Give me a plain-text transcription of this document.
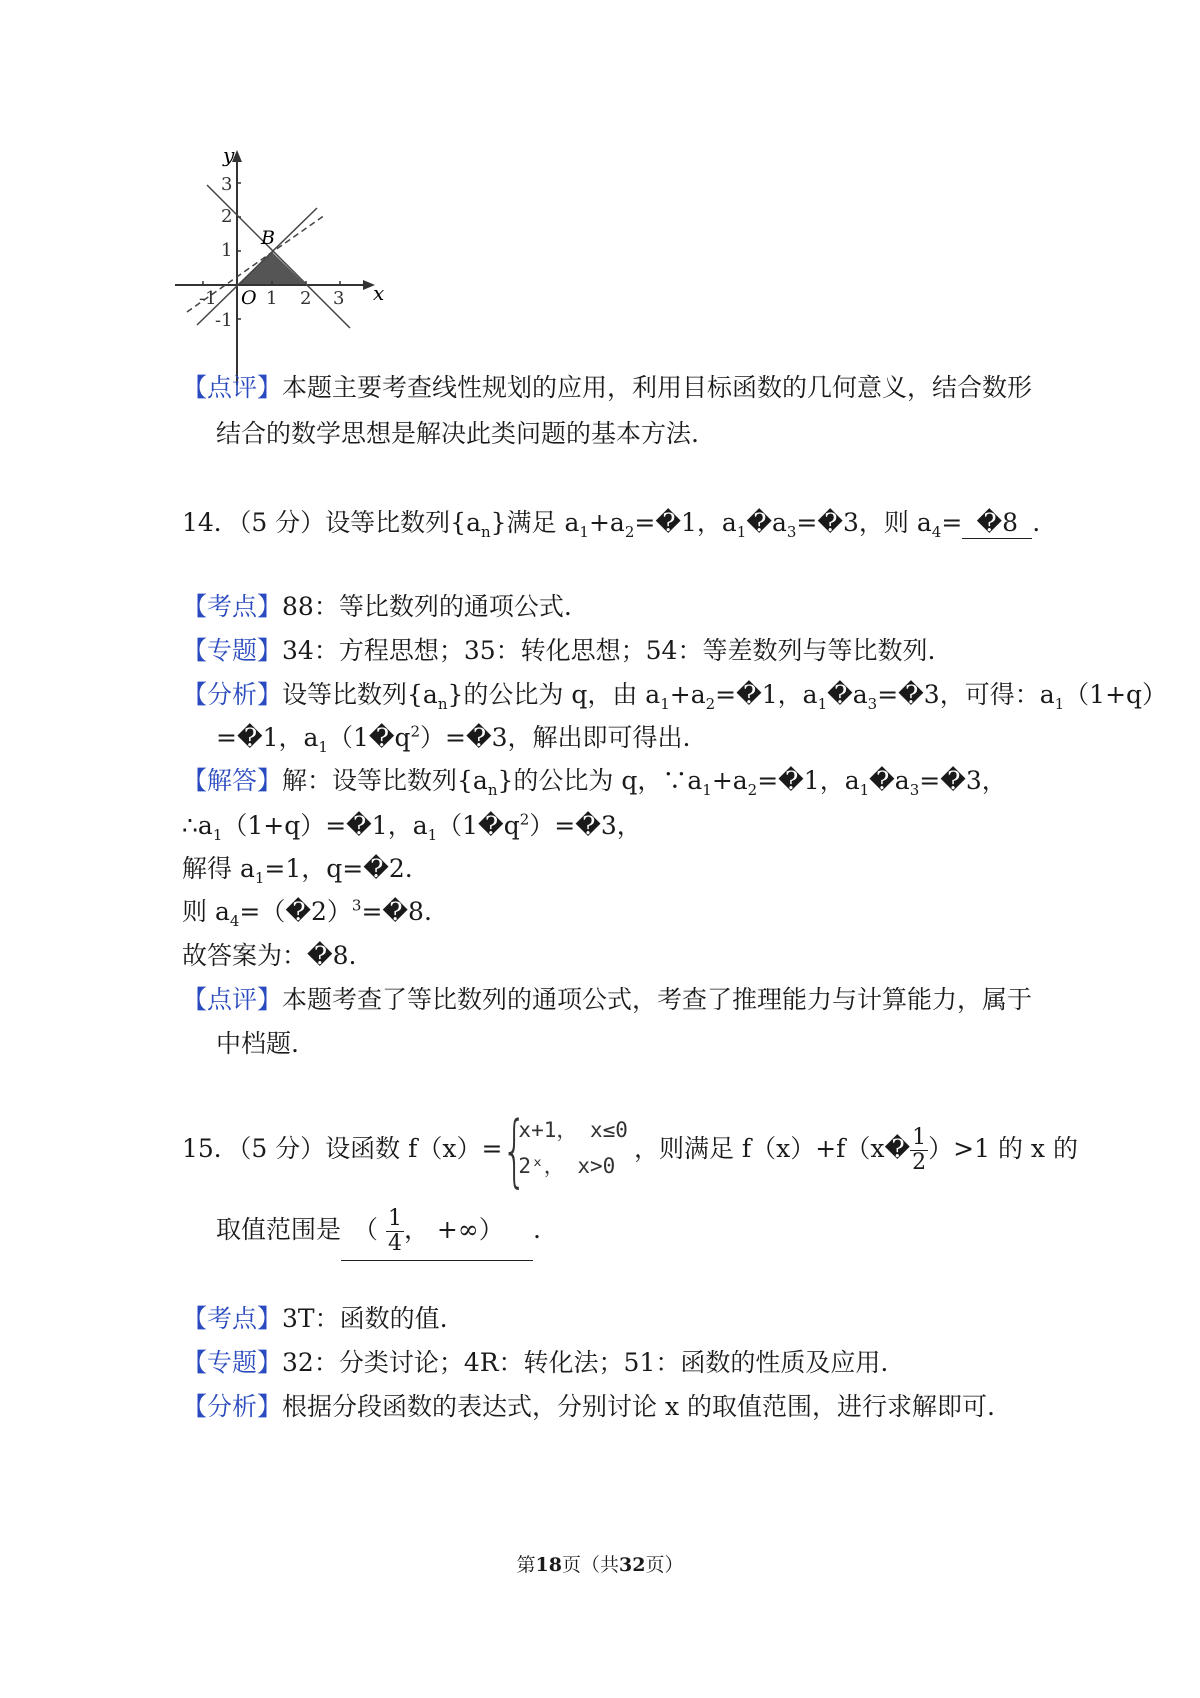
y
x
O
B
-1	1 2 3
3
2
1
-1
【点评】本题主要考查线性规划的应用，利用目标函数的几何意义，结合数形
结合的数学思想是解决此类问题的基本方法.
14．（5 分）设等比数列$\{a_n\}$满足 $a_1+a_2=�1$，$a_1�a_3=�3$，则 $a_4=$ �8 .
【考点】88：等比数列的通项公式.
【专题】34：方程思想；35：转化思想；54：等差数列与等比数列.
【分析】设等比数列$\{a_n\}$的公比为 q，由 $a_1+a_2=�1$，$a_1�a_3=�3$，可得：$a_1(1+q)$
=�1，$a_1(1�q^2)=�3$，解出即可得出.
【解答】解：设等比数列$\{a_n\}$的公比为 q，$\because a_1+a_2=�1$，$a_1�a_3=�3$，
$\therefore a_1(1+q)=�1$，$a_1(1�q^2)=�3$，
解得 $a_1=1$，q=�2.
则 $a_4=(�2)^3=�8$.
故答案为：�8.
【点评】本题考查了等比数列的通项公式，考查了推理能力与计算能力，属于
中档题.
15．（5 分）设函数 f（x）= {
x+1， x≤0
2ˣ， x>0
，则满足 f（x）+f（x� $\frac{1}{2} )>1$ 的 x 的
取值范围是 （ $\frac{1}{4}$ ， +∞） .
【考点】3T：函数的值.
【专题】32：分类讨论；4R：转化法；51：函数的性质及应用.
【分析】根据分段函数的表达式，分别讨论 x 的取值范围，进行求解即可.
第18页（共32页）
